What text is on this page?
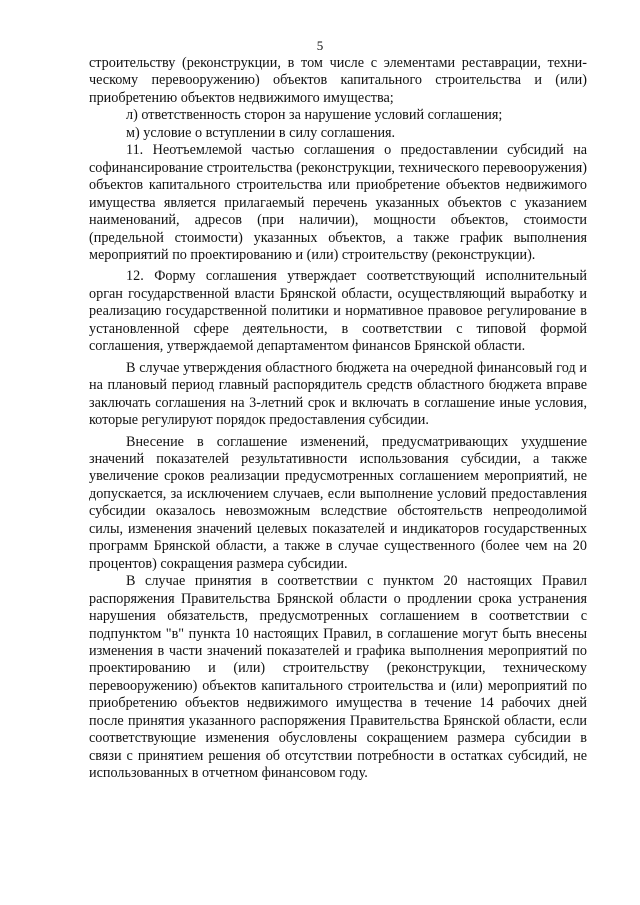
5

строительству (реконструкции, в том числе с элементами реставрации, техническому перевооружению) объектов капитального строительства и (или) приобретению объектов недвижимого имущества;

л) ответственность сторон за нарушение условий соглашения;

м) условие о вступлении в силу соглашения.

11. Неотъемлемой частью соглашения о предоставлении субсидий на софинансирование строительства (реконструкции, технического перевооружения) объектов капитального строительства или приобретение объектов недвижимого имущества является прилагаемый перечень указанных объектов с указанием наименований, адресов (при наличии), мощности объектов, стоимости (предельной стоимости) указанных объектов, а также график выполнения мероприятий по проектированию и (или) строительству (реконструкции).

12. Форму соглашения утверждает соответствующий исполнительный орган государственной власти Брянской области, осуществляющий выработку и реализацию государственной политики и нормативное правовое регулирование в установленной сфере деятельности, в соответствии с типовой формой соглашения, утверждаемой департаментом финансов Брянской области.

В случае утверждения областного бюджета на очередной финансовый год и на плановый период главный распорядитель средств областного бюджета вправе заключать соглашения на 3-летний срок и включать в соглашение иные условия, которые регулируют порядок предоставления субсидии.

Внесение в соглашение изменений, предусматривающих ухудшение значений показателей результативности использования субсидии, а также увеличение сроков реализации предусмотренных соглашением мероприятий, не допускается, за исключением случаев, если выполнение условий предоставления субсидии оказалось невозможным вследствие обстоятельств непреодолимой силы, изменения значений целевых показателей и индикаторов государственных программ Брянской области, а также в случае существенного (более чем на 20 процентов) сокращения размера субсидии.

В случае принятия в соответствии с пунктом 20 настоящих Правил распоряжения Правительства Брянской области о продлении срока устранения нарушения обязательств, предусмотренных соглашением в соответствии с подпунктом "в" пункта 10 настоящих Правил, в соглашение могут быть внесены изменения в части значений показателей и графика выполнения мероприятий по проектированию и (или) строительству (реконструкции, техническому перевооружению) объектов капитального строительства и (или) мероприятий по приобретению объектов недвижимого имущества в течение 14 рабочих дней после принятия указанного распоряжения Правительства Брянской области, если соответствующие изменения обусловлены сокращением размера субсидии в связи с принятием решения об отсутствии потребности в остатках субсидий, не использованных в отчетном финансовом году.
